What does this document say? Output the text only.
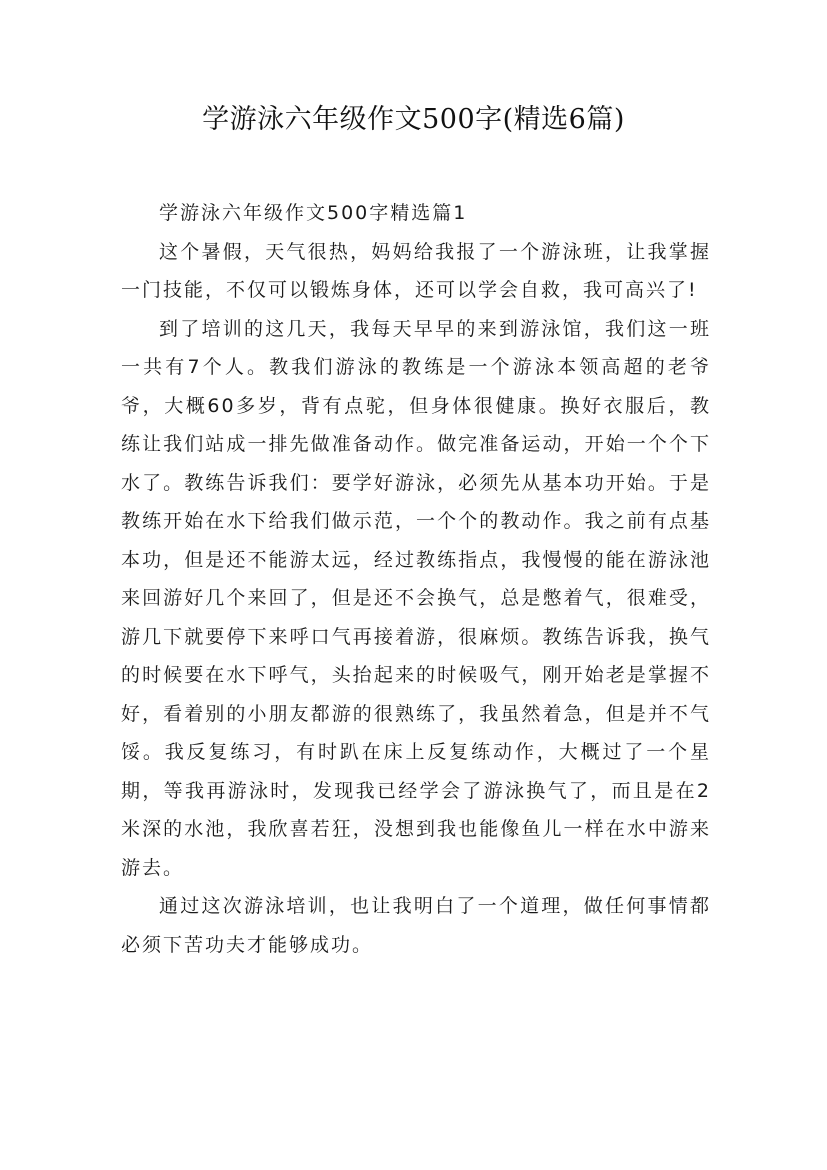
学游泳六年级作文500字(精选6篇)

学游泳六年级作文500字精选篇1

这个暑假，天气很热，妈妈给我报了一个游泳班，让我掌握一门技能，不仅可以锻炼身体，还可以学会自救，我可高兴了!

到了培训的这几天，我每天早早的来到游泳馆，我们这一班一共有7个人。教我们游泳的教练是一个游泳本领高超的老爷爷，大概60多岁，背有点驼，但身体很健康。换好衣服后，教练让我们站成一排先做准备动作。做完准备运动，开始一个个下水了。教练告诉我们：要学好游泳，必须先从基本功开始。于是教练开始在水下给我们做示范，一个个的教动作。我之前有点基本功，但是还不能游太远，经过教练指点，我慢慢的能在游泳池来回游好几个来回了，但是还不会换气，总是憋着气，很难受，游几下就要停下来呼口气再接着游，很麻烦。教练告诉我，换气的时候要在水下呼气，头抬起来的时候吸气，刚开始老是掌握不好，看着别的小朋友都游的很熟练了，我虽然着急，但是并不气馁。我反复练习，有时趴在床上反复练动作，大概过了一个星期，等我再游泳时，发现我已经学会了游泳换气了，而且是在2米深的水池，我欣喜若狂，没想到我也能像鱼儿一样在水中游来游去。

通过这次游泳培训，也让我明白了一个道理，做任何事情都必须下苦功夫才能够成功。
